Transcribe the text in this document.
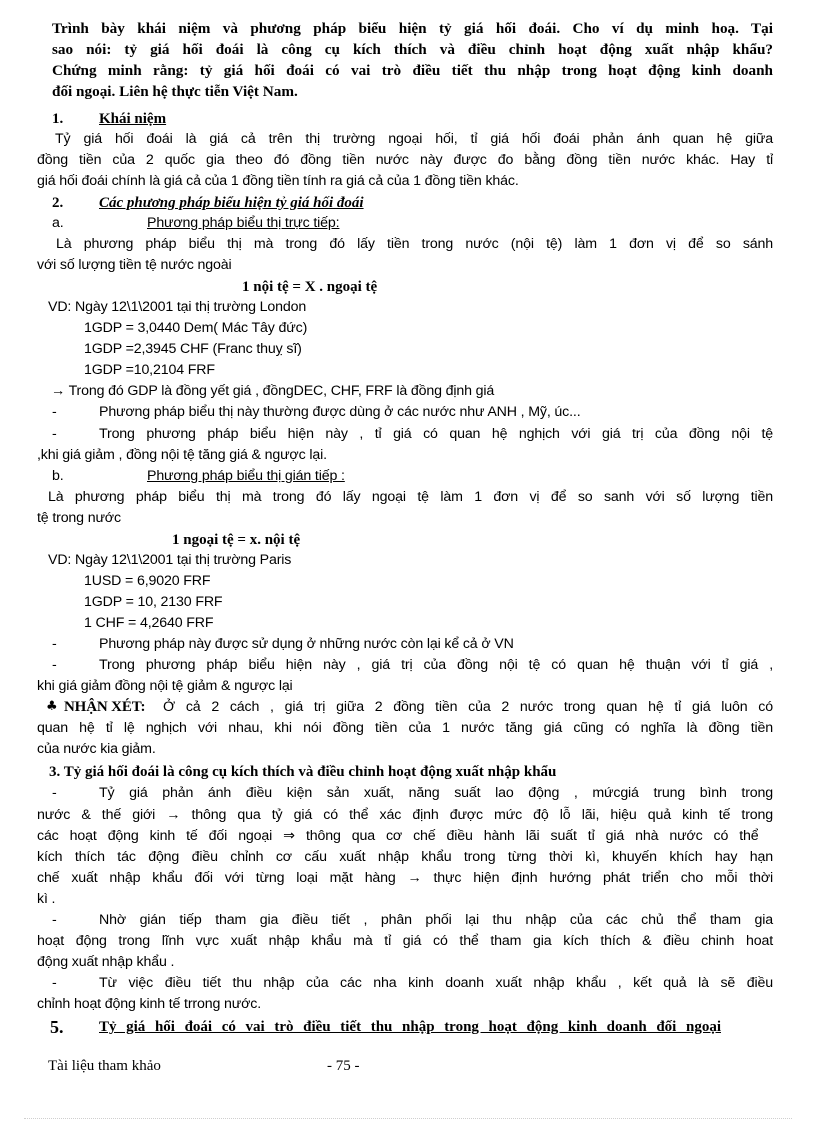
Trình bày khái niệm và phương pháp biểu hiện tỷ giá hối đoái. Cho ví dụ minh hoạ. Tại
sao nói: tỷ giá hối đoái là công cụ kích thích và điều chỉnh hoạt động xuất nhập khẩu?
Chứng minh rằng: tỷ giá hối đoái có vai trò điều tiết thu nhập trong hoạt động kinh doanh
đối ngoại. Liên hệ thực tiễn Việt Nam.
1. Khái niệm
Tỷ giá hối đoái là giá cả trên thị trường ngoại hối, tỉ giá hối đoái phản ánh quan hệ giữa
đồng tiền của 2 quốc gia theo đó đồng tiền nước này được đo bằng đồng tiền nước khác. Hay tỉ
giá hối đoái chính là giá cả của 1 đồng tiền tính ra giá cả của 1 đồng tiền khác.
2. Các phương pháp biểu hiện tỷ giá hối đoái
a.	Phương pháp biểu thị trực tiếp:
Là phương pháp biểu thị mà trong đó lấy tiền trong nước (nội tệ) làm 1 đơn vị để so sánh
với số lượng tiền tệ nước ngoài
1 nội tệ = X . ngoại tệ
VD: Ngày 12\1\2001 tại thị trường London
1GDP = 3,0440 Dem( Mác Tây đức)
1GDP =2,3945 CHF (Franc thuỵ sĩ)
1GDP =10,2104 FRF
→ Trong đó GDP là đồng yết giá , đồngDEC, CHF, FRF là đồng định giá
-	Phương pháp biểu thị này thường được dùng ở các nước như ANH , Mỹ, úc...
-	Trong phương pháp biểu hiện này , tỉ giá có quan hệ nghịch với giá trị của đồng nội tệ
,khi giá giảm , đồng nội tệ tăng giá & ngược lại.
b.	Phương pháp biểu thị gián tiếp :
Là phương pháp biểu thị mà trong đó lấy ngoại tệ làm 1 đơn vị để so sanh với số lượng tiền
tệ trong nước
1 ngoại tệ = x. nội tệ
VD: Ngày 12\1\2001 tại thị trường Paris
1USD = 6,9020 FRF
1GDP = 10, 2130 FRF
1 CHF = 4,2640 FRF
-	Phương pháp này được sử dụng ở những nước còn lại kể cả ở VN
-	Trong phương pháp biểu hiện này , giá trị của đồng nội tệ có quan hệ thuận với tỉ giá ,
khi giá giảm đồng nội tệ giảm & ngược lại
♣ NHẬN XÉT: Ở cả 2 cách , giá trị giữa 2 đồng tiền của 2 nước trong quan hệ tỉ giá luôn có
quan hệ tỉ lệ nghịch với nhau, khi nói đồng tiền của 1 nước tăng giá cũng có nghĩa là đồng tiền
của nước kia giảm.
3. Tỷ giá hối đoái là công cụ kích thích và điều chỉnh hoạt động xuất nhập khẩu
-	Tỷ giá phản ánh điều kiện sản xuất, năng suất lao động , mứcgiá trung bình trong
nước & thế giới → thông qua tỷ giá có thể xác định được mức độ lỗ lãi, hiệu quả kinh tế trong
các hoạt động kinh tế đối ngoại ⇒ thông qua cơ chế điều hành lãi suất tỉ giá nhà nước có thể
kích thích tác động điều chỉnh cơ cấu xuất nhập khẩu trong từng thời kì, khuyến khích hay hạn
chế xuất nhập khẩu đối với từng loại mặt hàng → thực hiện định hướng phát triển cho mỗi thời
kì .
-	Nhờ gián tiếp tham gia điều tiết , phân phối lại thu nhập của các chủ thể tham gia
hoạt động trong lĩnh vực xuất nhập khẩu mà tỉ giá có thể tham gia kích thích & điều chinh hoat
động xuất nhập khẩu .
-	Từ việc điều tiết thu nhập của các nha kinh doanh xuất nhập khẩu , kết quả là sẽ điều
chỉnh hoạt động kinh tế trrong nước.
5. Tỷ giá hối đoái có vai trò điều tiết thu nhập trong hoạt động kinh doanh đối ngoại
Tài liệu tham khảo	- 75 -
